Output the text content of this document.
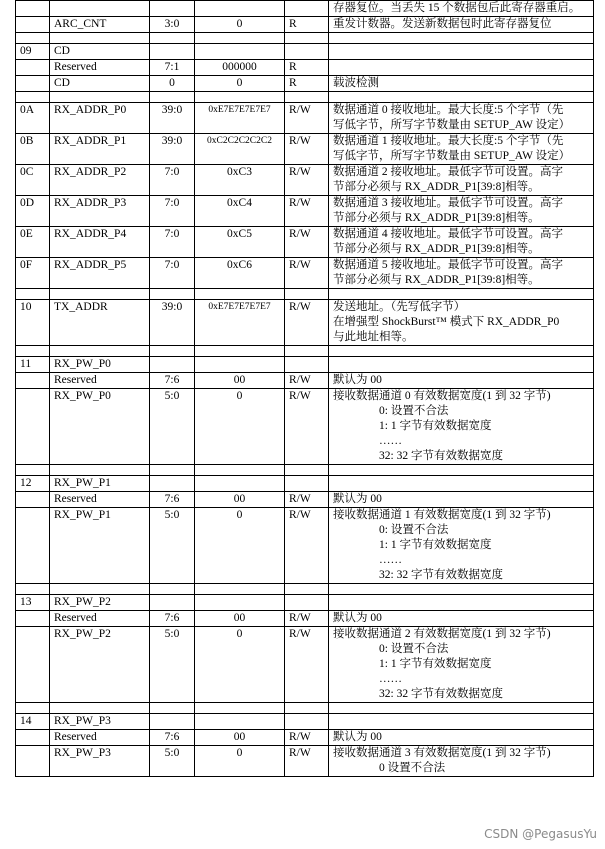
					存器复位。当丢失 15 个数据包后此寄存器重启。

	ARC_CNT	3:0	0	R	重发计数器。发送新数据包时此寄存器复位

09	CD				

	Reserved	7:1	000000	R	

	CD	0	0	R	载波检测

0A	RX_ADDR_P0	39:0	0xE7E7E7E7E7	R/W	数据通道 0 接收地址。最大长度:5 个字节（先
写低字节，所写字节数量由 SETUP_AW 设定）

0B	RX_ADDR_P1	39:0	0xC2C2C2C2C2	R/W	数据通道 1 接收地址。最大长度:5 个字节（先
写低字节，所写字节数量由 SETUP_AW 设定）

0C	RX_ADDR_P2	7:0	0xC3	R/W	数据通道 2 接收地址。最低字节可设置。高字
节部分必须与 RX_ADDR_P1[39:8]相等。

0D	RX_ADDR_P3	7:0	0xC4	R/W	数据通道 3 接收地址。最低字节可设置。高字
节部分必须与 RX_ADDR_P1[39:8]相等。

0E	RX_ADDR_P4	7:0	0xC5	R/W	数据通道 4 接收地址。最低字节可设置。高字
节部分必须与 RX_ADDR_P1[39:8]相等。

0F	RX_ADDR_P5	7:0	0xC6	R/W	数据通道 5 接收地址。最低字节可设置。高字
节部分必须与 RX_ADDR_P1[39:8]相等。

10	TX_ADDR	39:0	0xE7E7E7E7E7	R/W	发送地址。（先写低字节）
在增强型 ShockBurst™ 模式下 RX_ADDR_P0
与此地址相等。

11	RX_PW_P0				

	Reserved	7:6	00	R/W	默认为 00

	RX_PW_P0	5:0	0	R/W	接收数据通道 0 有效数据宽度(1 到 32 字节)
0: 设置不合法
1: 1 字节有效数据宽度
……
32: 32 字节有效数据宽度

12	RX_PW_P1				

	Reserved	7:6	00	R/W	默认为 00

	RX_PW_P1	5:0	0	R/W	接收数据通道 1 有效数据宽度(1 到 32 字节)
0: 设置不合法
1: 1 字节有效数据宽度
……
32: 32 字节有效数据宽度

13	RX_PW_P2				

	Reserved	7:6	00	R/W	默认为 00

	RX_PW_P2	5:0	0	R/W	接收数据通道 2 有效数据宽度(1 到 32 字节)
0: 设置不合法
1: 1 字节有效数据宽度
……
32: 32 字节有效数据宽度

14	RX_PW_P3				

	Reserved	7:6	00	R/W	默认为 00

	RX_PW_P3	5:0	0	R/W	接收数据通道 3 有效数据宽度(1 到 32 字节)
0 设置不合法
CSDN @PegasusYu
